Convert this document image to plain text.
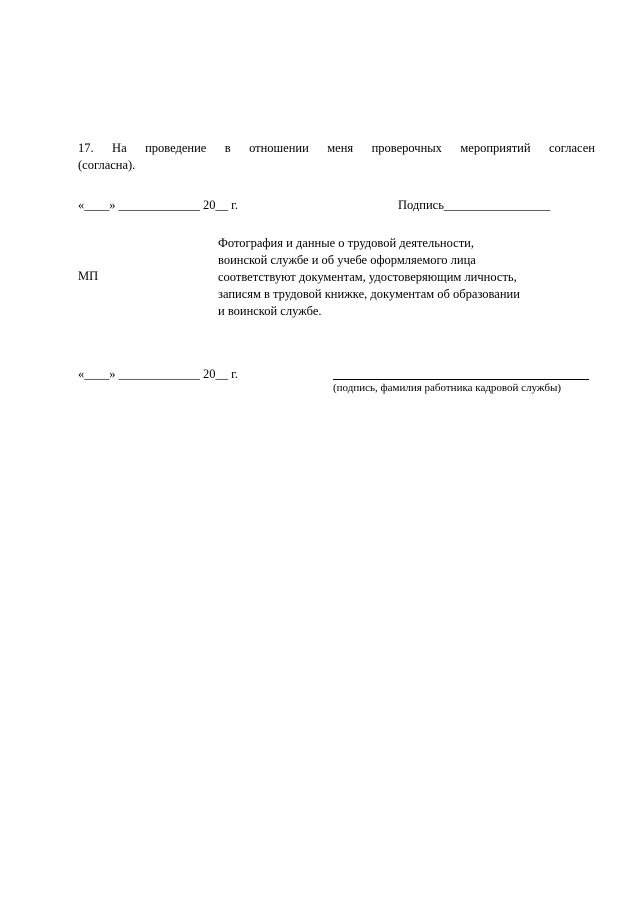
17. На проведение в отношении меня проверочных мероприятий согласен
(согласна).
«____» _____________ 20__ г.	Подпись_________________
МП
Фотография и данные о трудовой деятельности,
воинской службе и об учебе оформляемого лица
соответствуют документам, удостоверяющим личность,
записям в трудовой книжке, документам об образовании
и воинской службе.
«____» _____________ 20__ г.
(подпись, фамилия работника кадровой службы)
